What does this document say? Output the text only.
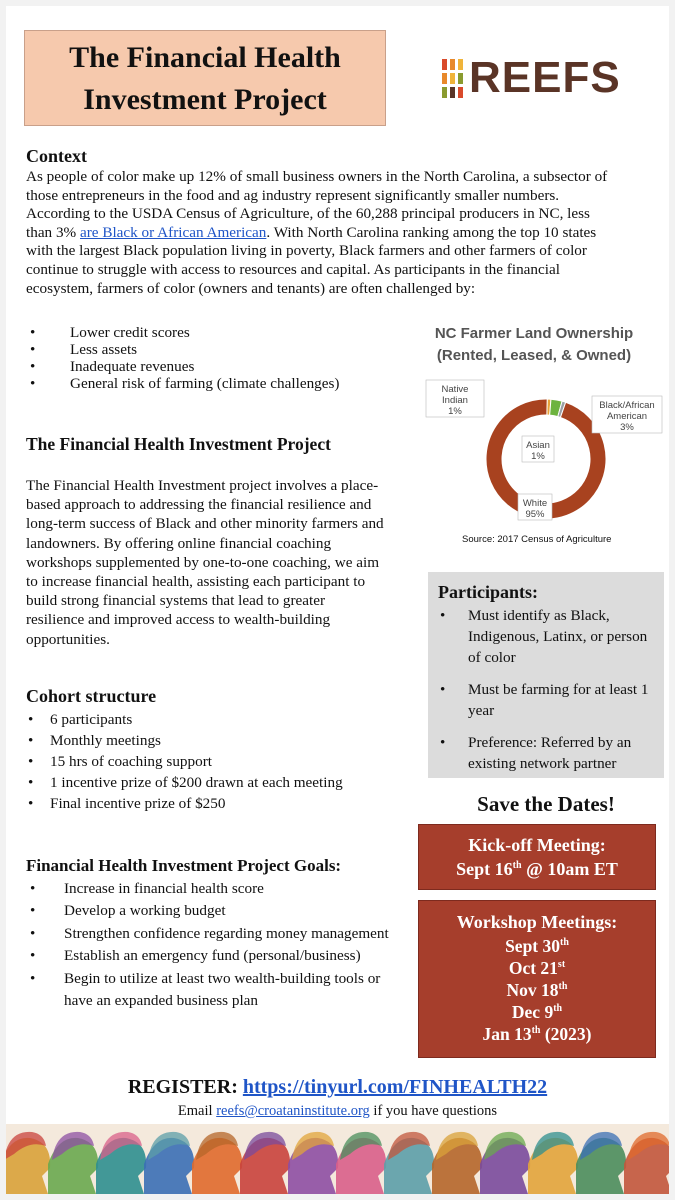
The Financial Health
Investment Project	REEFS
Context

As people of color make up 12% of small business owners in the North Carolina, a subsector of those entrepreneurs in the food and ag industry represent significantly smaller numbers. According to the USDA Census of Agriculture, of the 60,288 principal producers in NC, less than 3% are Black or African American. With North Carolina ranking among the top 10 states with the largest Black population living in poverty, Black farmers and other farmers of color continue to struggle with access to resources and capital. As participants in the financial ecosystem, farmers of color (owners and tenants) are often challenged by:

•	Lower credit scores
•	Less assets
•	Inadequate revenues
•	General risk of farming (climate challenges)
The Financial Health Investment Project

The Financial Health Investment project involves a place-based approach to addressing the financial resilience and long-term success of Black and other minority farmers and landowners. By offering online financial coaching workshops supplemented by one-to-one coaching, we aim to increase financial health, assisting each participant to build strong financial systems that lead to greater resilience and improved access to wealth-building opportunities.

Cohort structure
•	6 participants
•	Monthly meetings
•	15 hrs of coaching support
•	1 incentive prize of $200 drawn at each meeting
•	Final incentive prize of $250
Financial Health Investment Project Goals:
•	Increase in financial health score
•	Develop a working budget
•	Strengthen confidence regarding money management
•	Establish an emergency fund (personal/business)
•	Begin to utilize at least two wealth-building tools or have an expanded business plan
NC Farmer Land Ownership
(Rented, Leased, & Owned)
Native
Indian
1%
Black/African
American
3%
Asian
1%
White
95%
Source: 2017 Census of Agriculture
Participants:
•	Must identify as Black, Indigenous, Latinx, or person of color
•	Must be farming for at least 1 year
•	Preference: Referred by an existing network partner
Save the Dates!
Kick-off Meeting:
Sept 16th @ 10am ET
Workshop Meetings:
Sept 30th
Oct 21st
Nov 18th
Dec 9th
Jan 13th (2023)
REGISTER: https://tinyurl.com/FINHEALTH22
Email reefs@croataninstitute.org if you have questions
